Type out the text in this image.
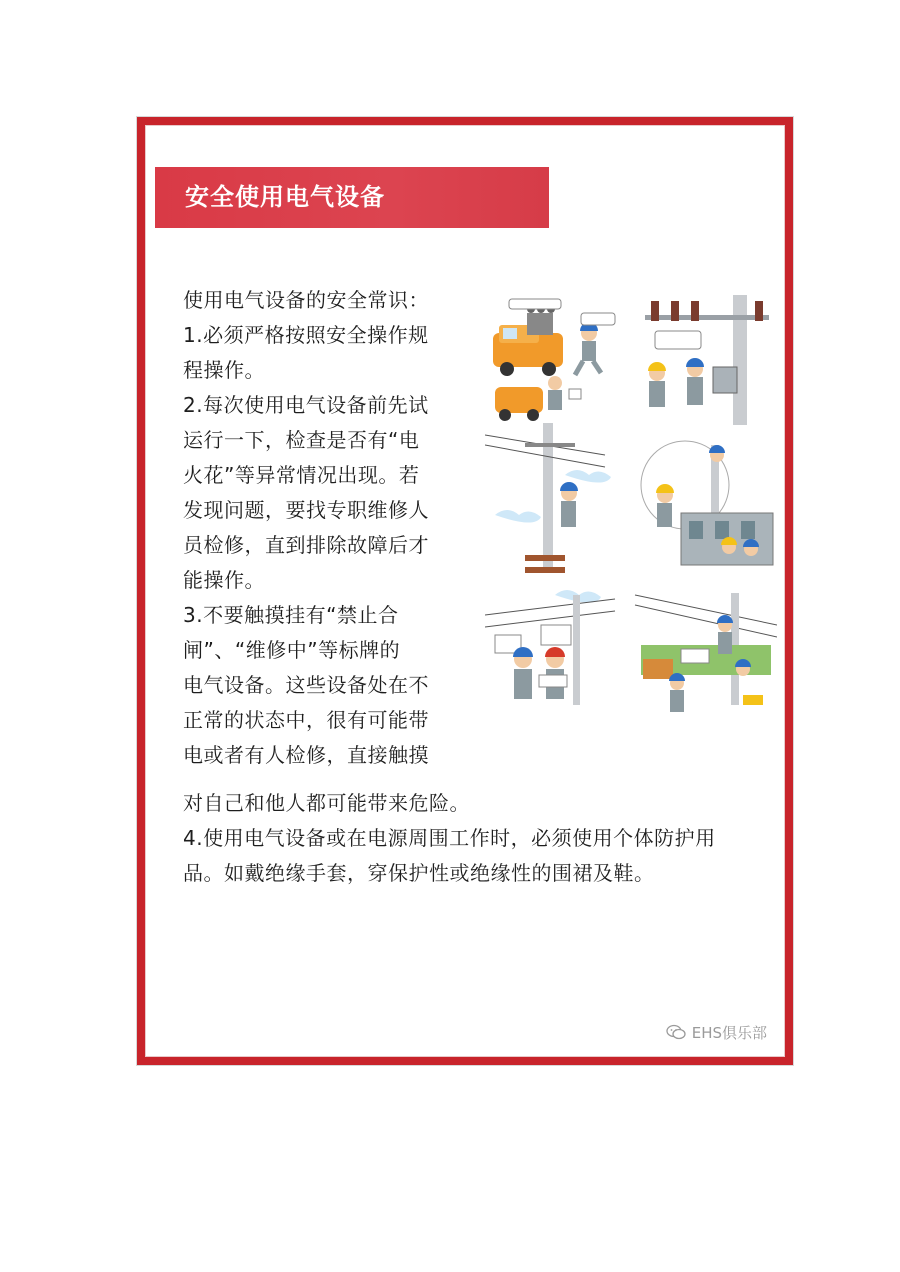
安全使用电气设备
使用电气设备的安全常识：
1.必须严格按照安全操作规
程操作。
2.每次使用电气设备前先试
运行一下，检查是否有“电
火花”等异常情况出现。若
发现问题，要找专职维修人
员检修，直到排除故障后才
能操作。
3.不要触摸挂有“禁止合
闸”、“维修中”等标牌的
电气设备。这些设备处在不
正常的状态中，很有可能带
电或者有人检修，直接触摸
对自己和他人都可能带来危险。
4.使用电气设备或在电源周围工作时，必须使用个体防护用
品。如戴绝缘手套，穿保护性或绝缘性的围裙及鞋。
EHS俱乐部
